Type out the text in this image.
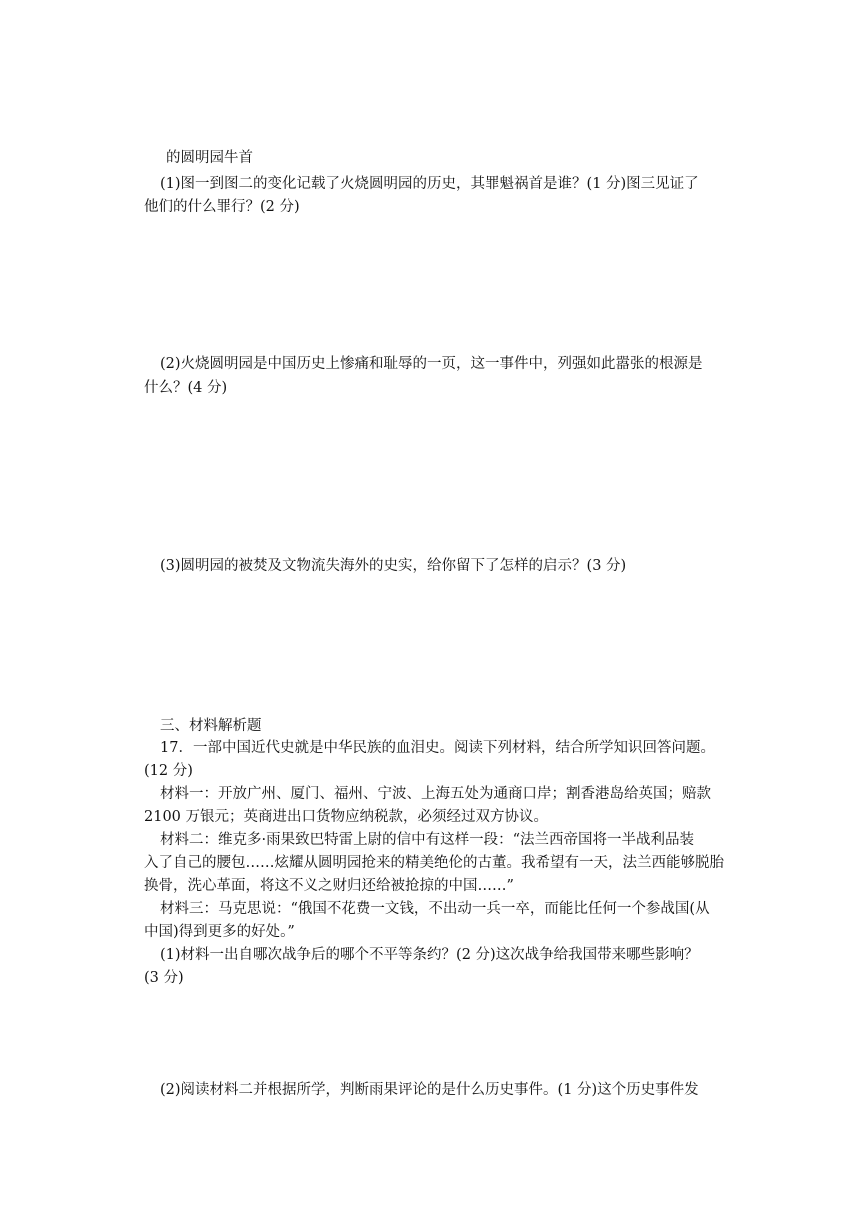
的圆明园牛首
(1)图一到图二的变化记载了火烧圆明园的历史，其罪魁祸首是谁？(1 分)图三见证了
他们的什么罪行？(2 分)
(2)火烧圆明园是中国历史上惨痛和耻辱的一页，这一事件中，列强如此嚣张的根源是
什么？(4 分)
(3)圆明园的被焚及文物流失海外的史实，给你留下了怎样的启示？(3 分)
三、材料解析题
17．一部中国近代史就是中华民族的血泪史。阅读下列材料，结合所学知识回答问题。
(12 分)
材料一：开放广州、厦门、福州、宁波、上海五处为通商口岸；割香港岛给英国；赔款
2100 万银元；英商进出口货物应纳税款，必须经过双方协议。
材料二：维克多·雨果致巴特雷上尉的信中有这样一段：“法兰西帝国将一半战利品装
入了自己的腰包……炫耀从圆明园抢来的精美绝伦的古董。我希望有一天，法兰西能够脱胎
换骨，洗心革面，将这不义之财归还给被抢掠的中国……”
材料三：马克思说：“俄国不花费一文钱，不出动一兵一卒，而能比任何一个参战国(从
中国)得到更多的好处。”
(1)材料一出自哪次战争后的哪个不平等条约？(2 分)这次战争给我国带来哪些影响？
(3 分)
(2)阅读材料二并根据所学，判断雨果评论的是什么历史事件。(1 分)这个历史事件发
